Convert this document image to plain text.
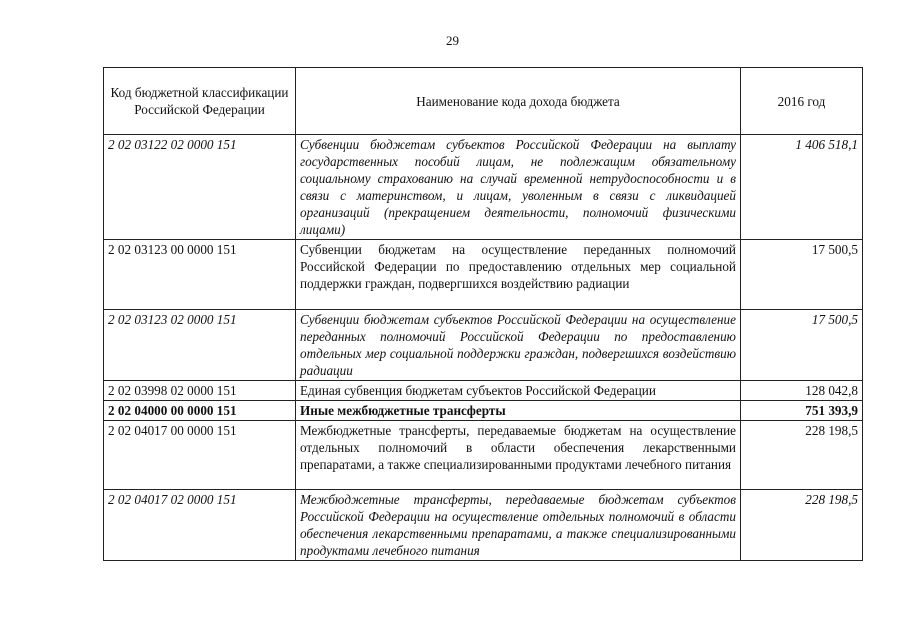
29
Код бюджетной классификации Российской Федерации	Наименование кода дохода бюджета	2016 год
2 02 03122 02 0000 151	Субвенции бюджетам субъектов Российской Федерации на выплату государственных пособий лицам, не подлежащим обязательному социальному страхованию на случай временной нетрудоспособности и в связи с материнством, и лицам, уволенным в связи с ликвидацией организаций (прекращением деятельности, полномочий физическими лицами)	1 406 518,1
2 02 03123 00 0000 151	Субвенции бюджетам на осуществление переданных полномочий Российской Федерации по предоставлению отдельных мер социальной поддержки граждан, подвергшихся воздействию радиации	17 500,5
2 02 03123 02 0000 151	Субвенции бюджетам субъектов Российской Федерации на осуществление переданных полномочий Российской Федерации по предоставлению отдельных мер социальной поддержки граждан, подвергшихся воздействию радиации	17 500,5
2 02 03998 02 0000 151	Единая субвенция бюджетам субъектов Российской Федерации	128 042,8
2 02 04000 00 0000 151	Иные межбюджетные трансферты	751 393,9
2 02 04017 00 0000 151	Межбюджетные трансферты, передаваемые бюджетам на осуществление отдельных полномочий в области обеспечения лекарственными препаратами, а также специализированными продуктами лечебного питания	228 198,5
2 02 04017 02 0000 151	Межбюджетные трансферты, передаваемые бюджетам субъектов Российской Федерации на осуществление отдельных полномочий в области обеспечения лекарственными препаратами, а также специализированными продуктами лечебного питания	228 198,5
